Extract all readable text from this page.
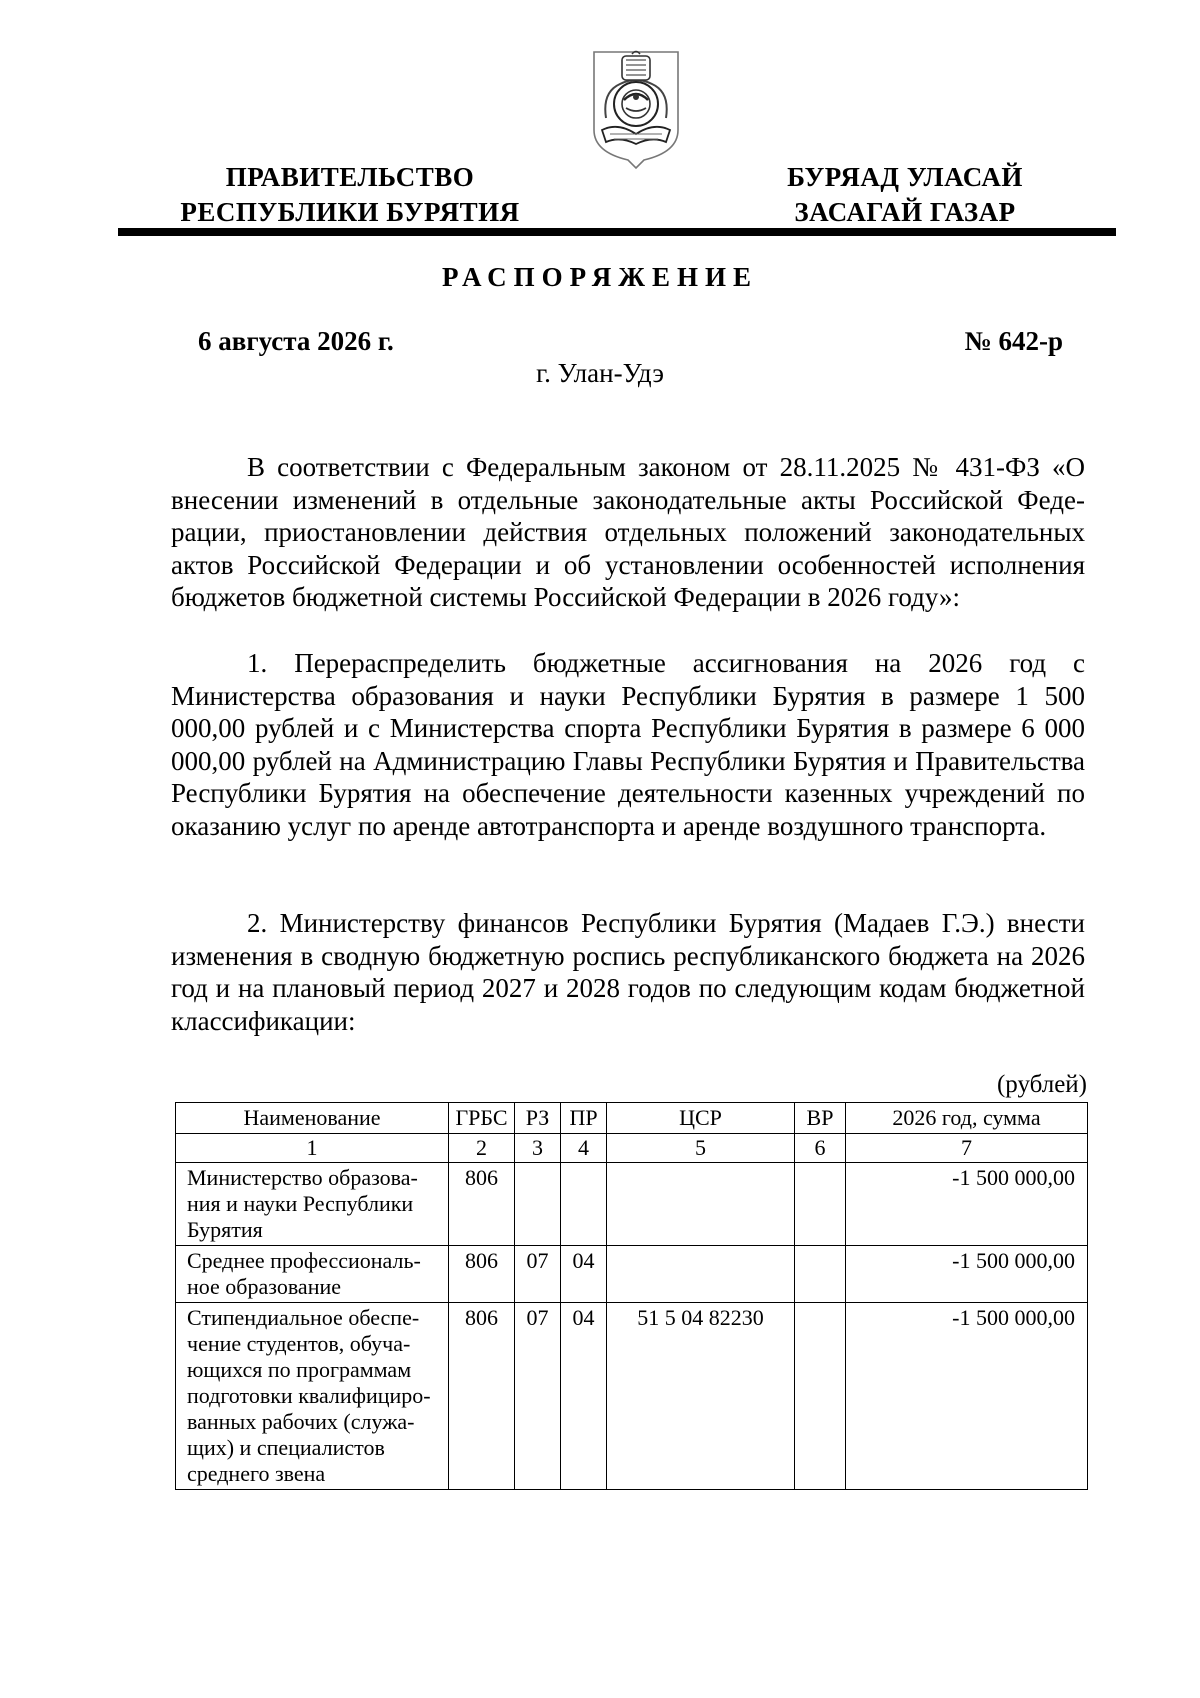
ПРАВИТЕЛЬСТВО
РЕСПУБЛИКИ БУРЯТИЯ
БУРЯАД УЛАСАЙ
ЗАСАГАЙ ГАЗАР
РАСПОРЯЖЕНИЕ
6 августа 2026 г.	№ 642-р
г. Улан-Удэ

В соответствии с Федеральным законом от 28.11.2025 № 431-ФЗ «О внесении изменений в отдельные законодательные акты Российской Федерации, приостановлении действия отдельных положений законодательных актов Российской Федерации и об установлении особенностей исполнения бюджетов бюджетной системы Российской Федерации в 2026 году»:

1. Перераспределить бюджетные ассигнования на 2026 год с Министерства образования и науки Республики Бурятия в размере 1 500 000,00 рублей и с Министерства спорта Республики Бурятия в размере 6 000 000,00 рублей на Администрацию Главы Республики Бурятия и Правительства Республики Бурятия на обеспечение деятельности казенных учреждений по оказанию услуг по аренде автотранспорта и аренде воздушного транспорта.

2. Министерству финансов Республики Бурятия (Мадаев Г.Э.) внести изменения в сводную бюджетную роспись республиканского бюджета на 2026 год и на плановый период 2027 и 2028 годов по следующим кодам бюджетной классификации:

(рублей)
Наименование	ГРБС	РЗ	ПР	ЦСР	ВР	2026 год, сумма
1	2	3	4	5	6	7
Министерство образования и науки Республики Бурятия	806					-1 500 000,00
Среднее профессиональное образование	806	07	04			-1 500 000,00
Стипендиальное обеспечение студентов, обучающихся по программам подготовки квалифицированных рабочих (служащих) и специалистов среднего звена	806	07	04	51 5 04 82230		-1 500 000,00
